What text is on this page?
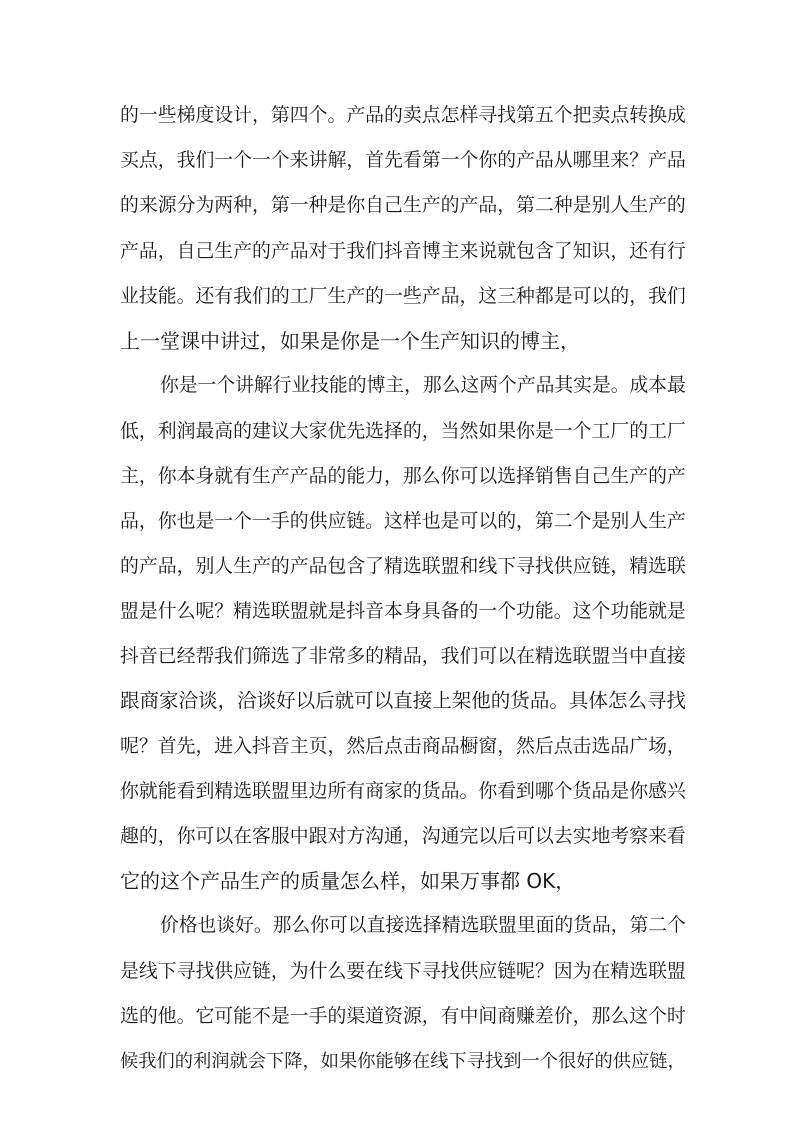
的一些梯度设计，第四个。产品的卖点怎样寻找第五个把卖点转换成
买点，我们一个一个来讲解，首先看第一个你的产品从哪里来？产品
的来源分为两种，第一种是你自己生产的产品，第二种是别人生产的
产品，自己生产的产品对于我们抖音博主来说就包含了知识，还有行
业技能。还有我们的工厂生产的一些产品，这三种都是可以的，我们
上一堂课中讲过，如果是你是一个生产知识的博主，
你是一个讲解行业技能的博主，那么这两个产品其实是。成本最
低，利润最高的建议大家优先选择的，当然如果你是一个工厂的工厂
主，你本身就有生产产品的能力，那么你可以选择销售自己生产的产
品，你也是一个一手的供应链。这样也是可以的，第二个是别人生产
的产品，别人生产的产品包含了精选联盟和线下寻找供应链，精选联
盟是什么呢？精选联盟就是抖音本身具备的一个功能。这个功能就是
抖音已经帮我们筛选了非常多的精品，我们可以在精选联盟当中直接
跟商家洽谈，洽谈好以后就可以直接上架他的货品。具体怎么寻找
呢？首先，进入抖音主页，然后点击商品橱窗，然后点击选品广场，
你就能看到精选联盟里边所有商家的货品。你看到哪个货品是你感兴
趣的，你可以在客服中跟对方沟通，沟通完以后可以去实地考察来看
它的这个产品生产的质量怎么样，如果万事都 OK，
价格也谈好。那么你可以直接选择精选联盟里面的货品，第二个
是线下寻找供应链，为什么要在线下寻找供应链呢？因为在精选联盟
选的他。它可能不是一手的渠道资源，有中间商赚差价，那么这个时
候我们的利润就会下降，如果你能够在线下寻找到一个很好的供应链，
